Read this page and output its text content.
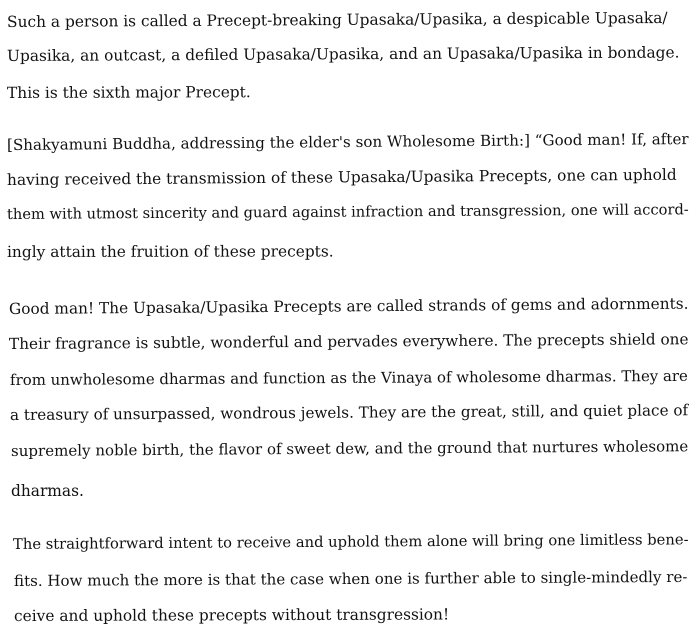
Such a person is called a Precept-breaking Upasaka/Upasika, a despicable Upasaka/
Upasika, an outcast, a defiled Upasaka/Upasika, and an Upasaka/Upasika in bondage.
This is the sixth major Precept.
[Shakyamuni Buddha, addressing the elder's son Wholesome Birth:] “Good man! If, after
having received the transmission of these Upasaka/Upasika Precepts, one can uphold
them with utmost sincerity and guard against infraction and transgression, one will accord-
ingly attain the fruition of these precepts.
Good man! The Upasaka/Upasika Precepts are called strands of gems and adornments.
Their fragrance is subtle, wonderful and pervades everywhere. The precepts shield one
from unwholesome dharmas and function as the Vinaya of wholesome dharmas. They are
a treasury of unsurpassed, wondrous jewels. They are the great, still, and quiet place of
supremely noble birth, the flavor of sweet dew, and the ground that nurtures wholesome
dharmas.
The straightforward intent to receive and uphold them alone will bring one limitless bene-
fits. How much the more is that the case when one is further able to single-mindedly re-
ceive and uphold these precepts without transgression!
